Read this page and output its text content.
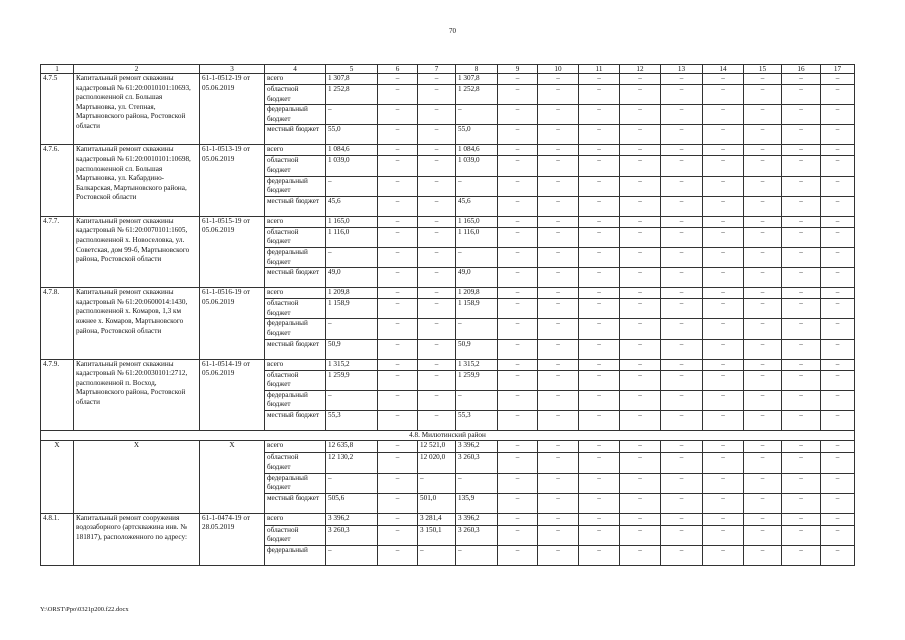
70
1	2	3	4	5	6	7	8	9	10	11	12	13	14	15	16	17
4.7.5	Капитальный ремонт скважины кадастровый № 61:20:0010101:10693, расположенной сл. Большая Мартыновка, ул. Степная, Мартыновского района, Ростовской области	61-1-0512-19 от 05.06.2019	всего	1 307,8	–	–	1 307,8	–	–	–	–	–	–	–	–	–
			областной бюджет	1 252,8	–	–	1 252,8	–	–	–	–	–	–	–	–	–
			федеральный бюджет	–	–	–	–	–	–	–	–	–	–	–	–	–
			местный бюджет	55,0	–	–	55,0	–	–	–	–	–	–	–	–	–
4.7.6.	Капитальный ремонт скважины кадастровый № 61:20:0010101:10698, расположенной сл. Большая Мартыновка, ул. Кабардино-Балкарская, Мартыновского района, Ростовской области	61-1-0513-19 от 05.06.2019	всего	1 084,6	–	–	1 084,6	–	–	–	–	–	–	–	–	–
			областной бюджет	1 039,0	–	–	1 039,0	–	–	–	–	–	–	–	–	–
			федеральный бюджет	–	–	–	–	–	–	–	–	–	–	–	–	–
			местный бюджет	45,6	–	–	45,6	–	–	–	–	–	–	–	–	–
4.7.7.	Капитальный ремонт скважины кадастровый № 61:20:0070101:1605, расположенной х. Новоселовка, ул. Советская, дом 99-б, Мартыновского района, Ростовской области	61-1-0515-19 от 05.06.2019	всего	1 165,0	–	–	1 165,0	–	–	–	–	–	–	–	–	–
			областной бюджет	1 116,0	–	–	1 116,0	–	–	–	–	–	–	–	–	–
			федеральный бюджет	–	–	–	–	–	–	–	–	–	–	–	–	–
			местный бюджет	49,0	–	–	49,0	–	–	–	–	–	–	–	–	–
4.7.8.	Капитальный ремонт скважины кадастровый № 61:20:0600014:1430, расположенной х. Комаров, 1,3 км южнее х. Комаров, Мартыновского района, Ростовской области	61-1-0516-19 от 05.06.2019	всего	1 209,8	–	–	1 209,8	–	–	–	–	–	–	–	–	–
			областной бюджет	1 158,9	–	–	1 158,9	–	–	–	–	–	–	–	–	–
			федеральный бюджет	–	–	–	–	–	–	–	–	–	–	–	–	–
			местный бюджет	50,9	–	–	50,9	–	–	–	–	–	–	–	–	–
4.7.9.	Капитальный ремонт скважины кадастровый № 61:20:0030101:2712, расположенной п. Восход, Мартыновского района, Ростовской области	61-1-0514-19 от 05.06.2019	всего	1 315,2	–	–	1 315,2	–	–	–	–	–	–	–	–	–
			областной бюджет	1 259,9	–	–	1 259,9	–	–	–	–	–	–	–	–	–
			федеральный бюджет	–	–	–	–	–	–	–	–	–	–	–	–	–
			местный бюджет	55,3	–	–	55,3	–	–	–	–	–	–	–	–	–
4.8. Милютинский район																
Х	Х	Х	всего	12 635,8	–	12 521,0	3 396,2	–	–	–	–	–	–	–	–	–
			областной бюджет	12 130,2	–	12 020,0	3 260,3	–	–	–	–	–	–	–	–	–
			федеральный бюджет	–	–	–	–	–	–	–	–	–	–	–	–	–
			местный бюджет	505,6	–	501,0	135,9	–	–	–	–	–	–	–	–	–
4.8.1.	Капитальный ремонт сооружения водозаборного (артскважина инв. № 181817), расположенного по адресу:	61-1-0474-19 от 28.05.2019	всего	3 396,2	–	3 281,4	3 396,2	–	–	–	–	–	–	–	–	–
			областной бюджет	3 260,3	–	3 150,1	3 260,3	–	–	–	–	–	–	–	–	–
			федеральный	–	–	–	–	–	–	–	–	–	–	–	–	–
Y:\ORST\Ppo\0321p200.f22.docx
